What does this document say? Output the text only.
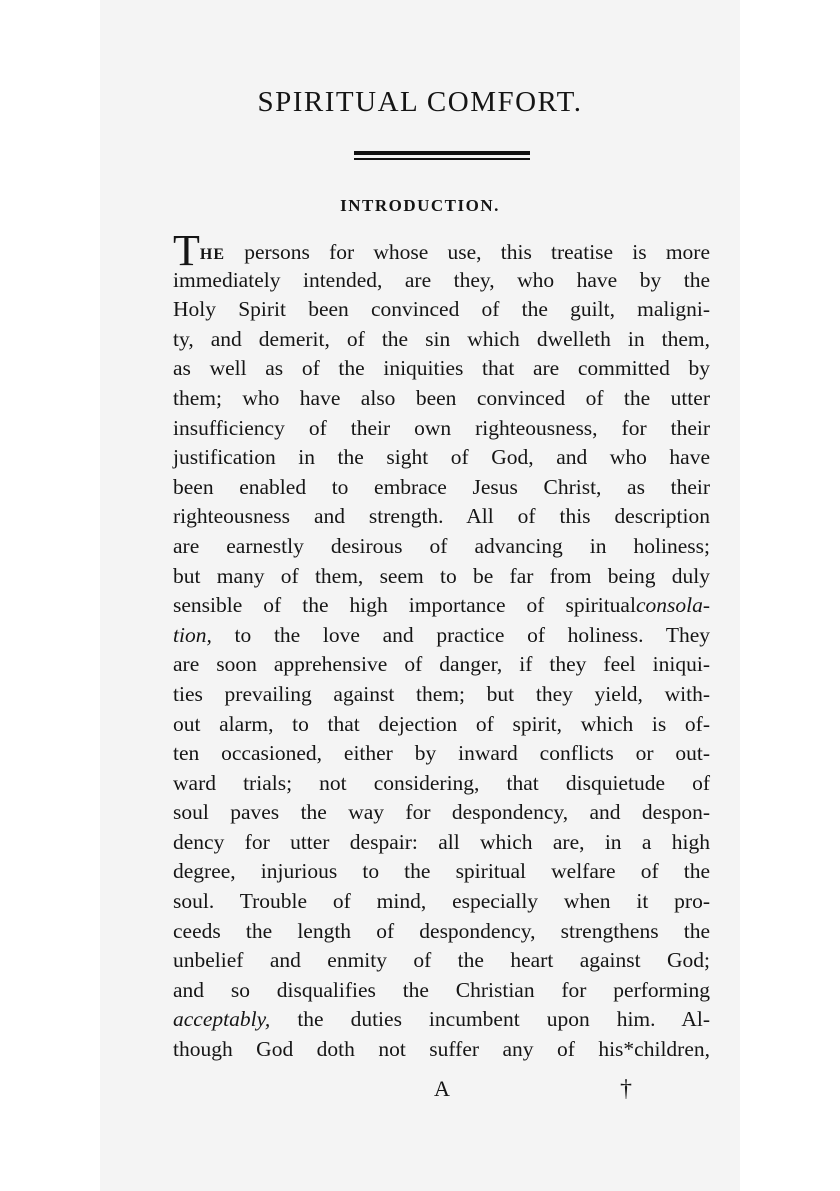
SPIRITUAL COMFORT.
INTRODUCTION.
THE persons for whose use, this treatise is more
immediately intended, are they, who have by the
Holy Spirit been convinced of the guilt, maligni-
ty, and demerit, of the sin which dwelleth in them,
as well as of the iniquities that are committed by
them; who have also been convinced of the utter
insufficiency of their own righteousness, for their
justification in the sight of God, and who have
been enabled to embrace Jesus Christ, as their
righteousness and strength. All of this description
are earnestly desirous of advancing in holiness;
but many of them, seem to be far from being duly
sensible of the high importance of spiritualconsola-
tion, to the love and practice of holiness. They
are soon apprehensive of danger, if they feel iniqui-
ties prevailing against them; but they yield, with-
out alarm, to that dejection of spirit, which is of-
ten occasioned, either by inward conflicts or out-
ward trials; not considering, that disquietude of
soul paves the way for despondency, and despon-
dency for utter despair: all which are, in a high
degree, injurious to the spiritual welfare of the
soul. Trouble of mind, especially when it pro-
ceeds the length of despondency, strengthens the
unbelief and enmity of the heart against God;
and so disqualifies the Christian for performing
acceptably, the duties incumbent upon him. Al-
though God doth not suffer any of his*children,
A	†
